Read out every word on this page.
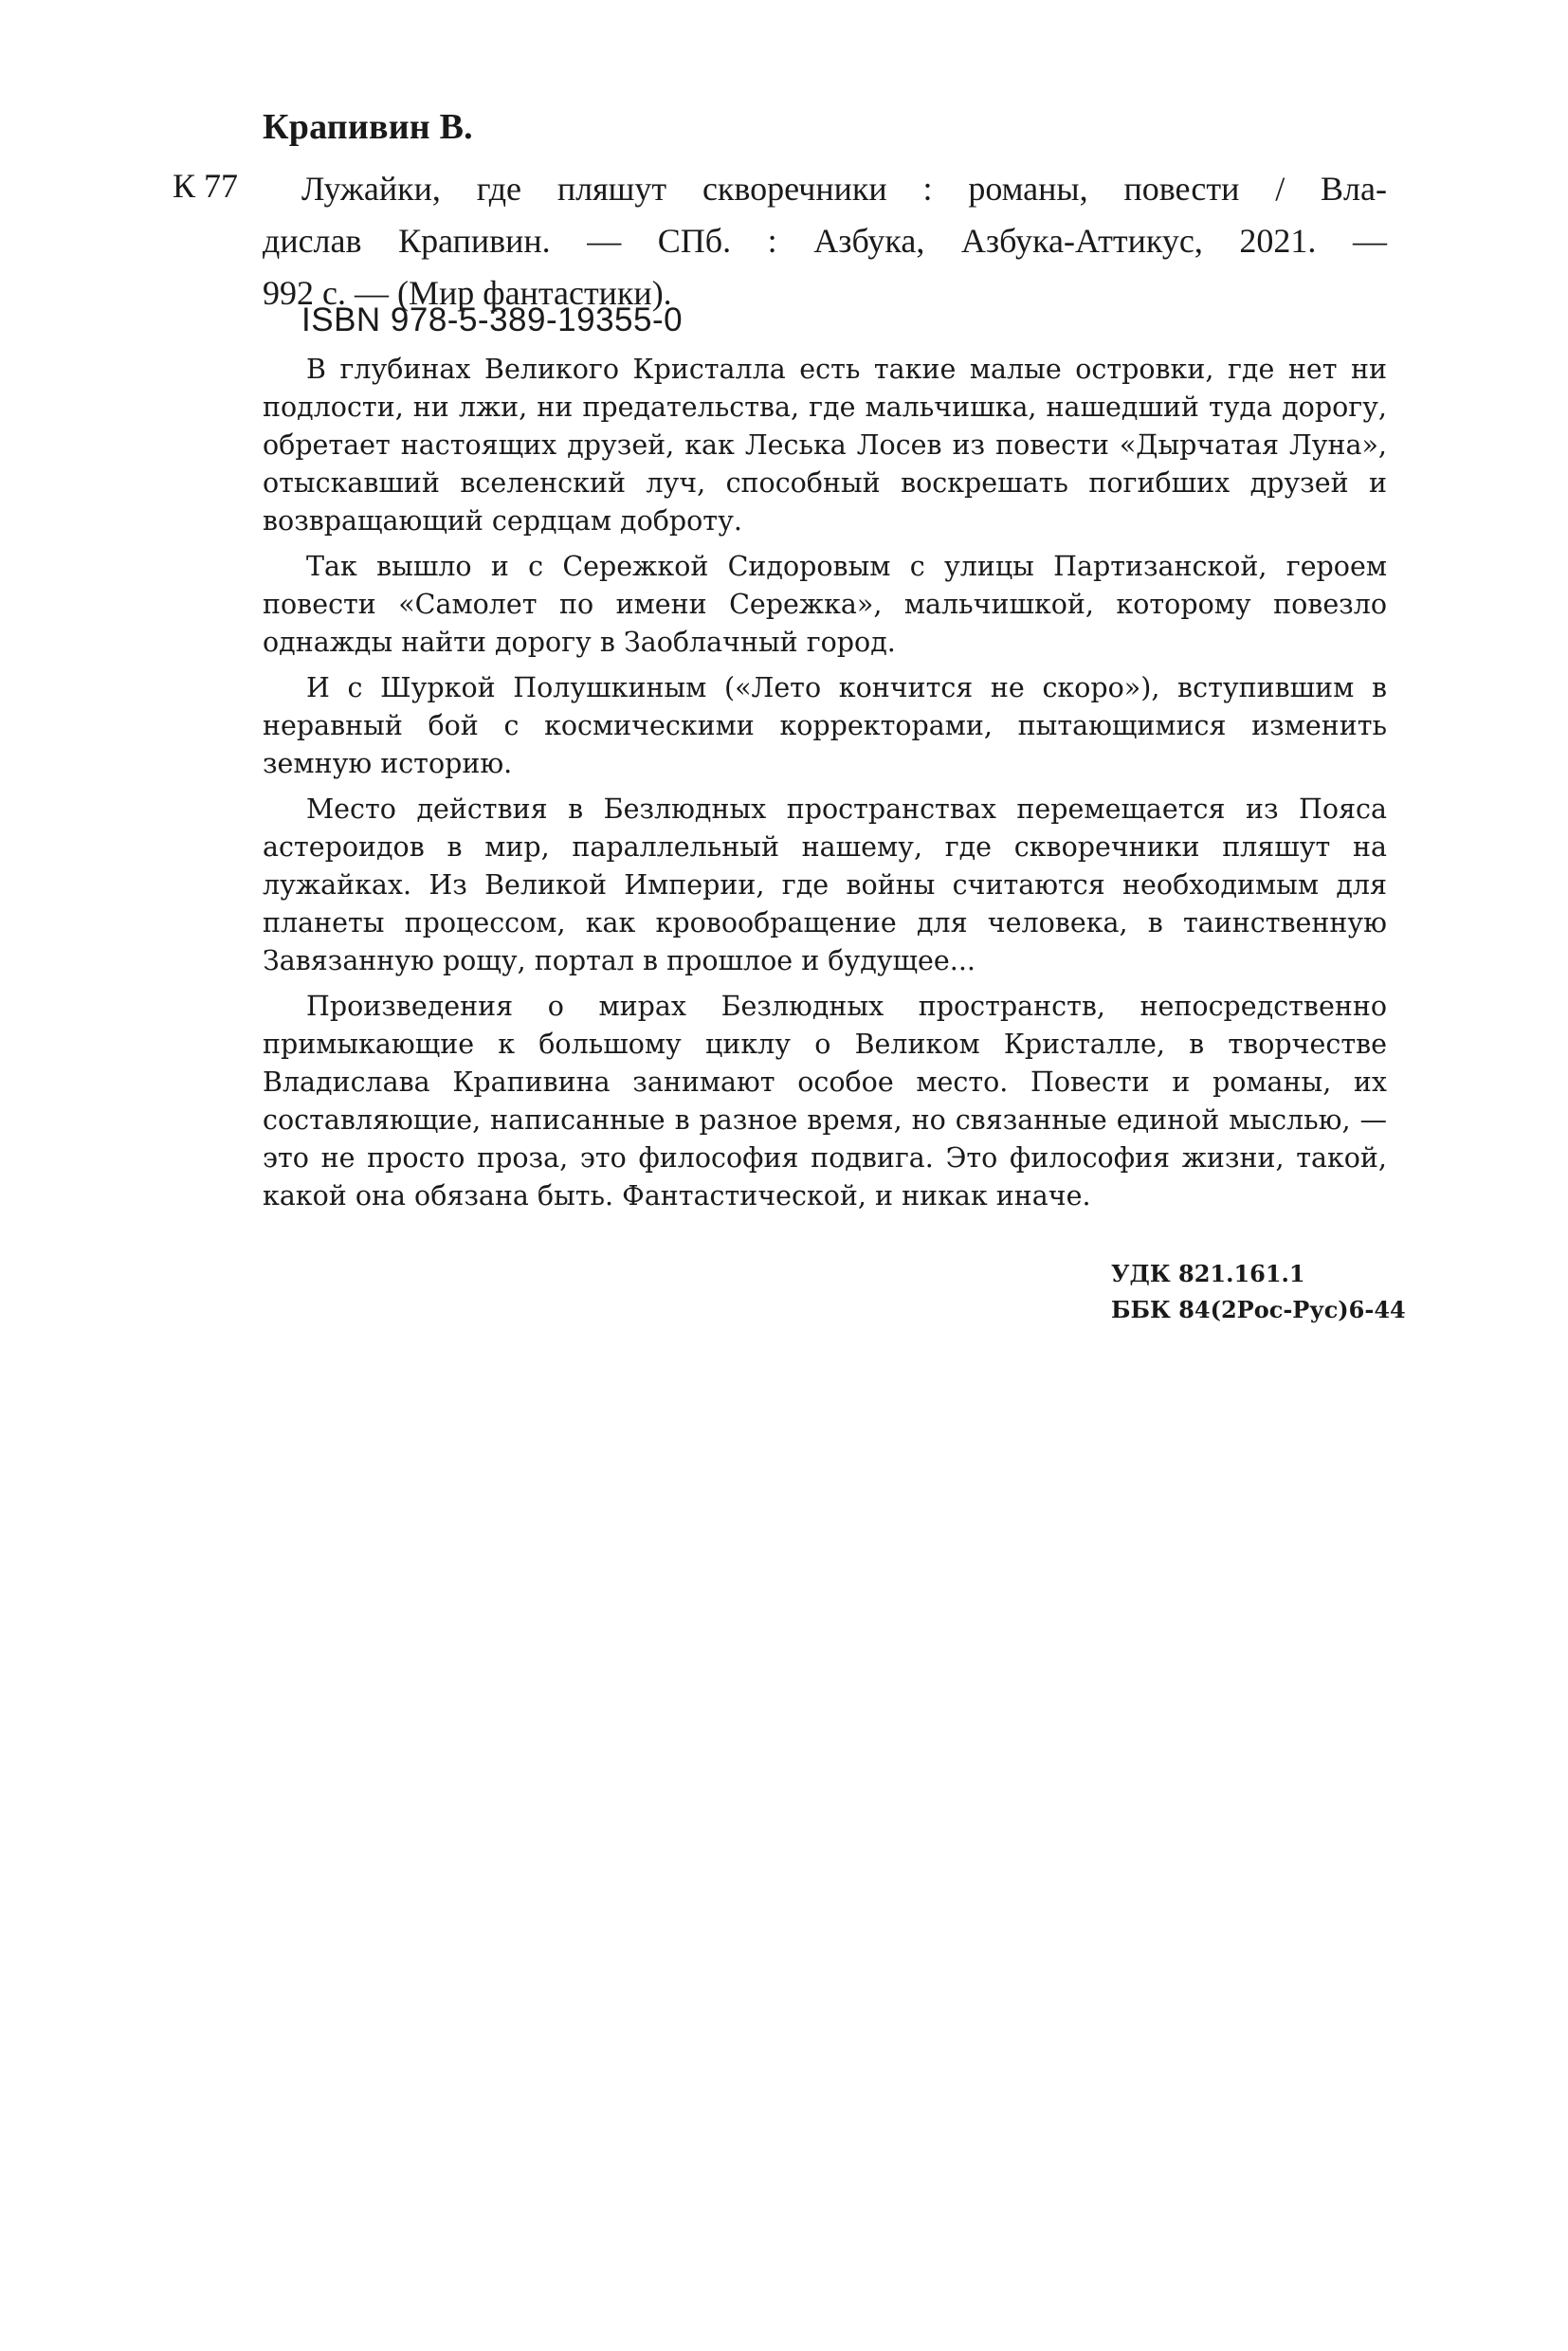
Крапивин В.
К 77 Лужайки, где пляшут скворечники : романы, повести / Вла-
дислав Крапивин. — СПб. : Азбука, Азбука-Аттикус, 2021. —
992 с. — (Мир фантастики).
ISBN 978-5-389-19355-0

В глубинах Великого Кристалла есть такие малые островки, где нет ни подлости, ни лжи, ни предательства, где мальчишка, нашедший туда дорогу, обретает настоящих друзей, как Леська Лосев из повести «Дырчатая Луна», отыскавший вселенский луч, способный воскрешать погибших друзей и возвращающий сердцам доброту.

Так вышло и с Сережкой Сидоровым с улицы Партизанской, героем повести «Самолет по имени Сережка», мальчишкой, которому повезло однажды найти дорогу в Заоблачный город.

И с Шуркой Полушкиным («Лето кончится не скоро»), вступившим в неравный бой с космическими корректорами, пытающимися изменить земную историю.

Место действия в Безлюдных пространствах перемещается из Пояса астероидов в мир, параллельный нашему, где скворечники пляшут на лужайках. Из Великой Империи, где войны считаются необходимым для планеты процессом, как кровообращение для человека, в таинственную Завязанную рощу, портал в прошлое и будущее...

Произведения о мирах Безлюдных пространств, непосредственно примыкающие к большому циклу о Великом Кристалле, в творчестве Владислава Крапивина занимают особое место. Повести и романы, их составляющие, написанные в разное время, но связанные единой мыслью, — это не просто проза, это философия подвига. Это философия жизни, такой, какой она обязана быть. Фантастической, и никак иначе.

УДК 821.161.1
ББК 84(2Рос-Рус)6-44
